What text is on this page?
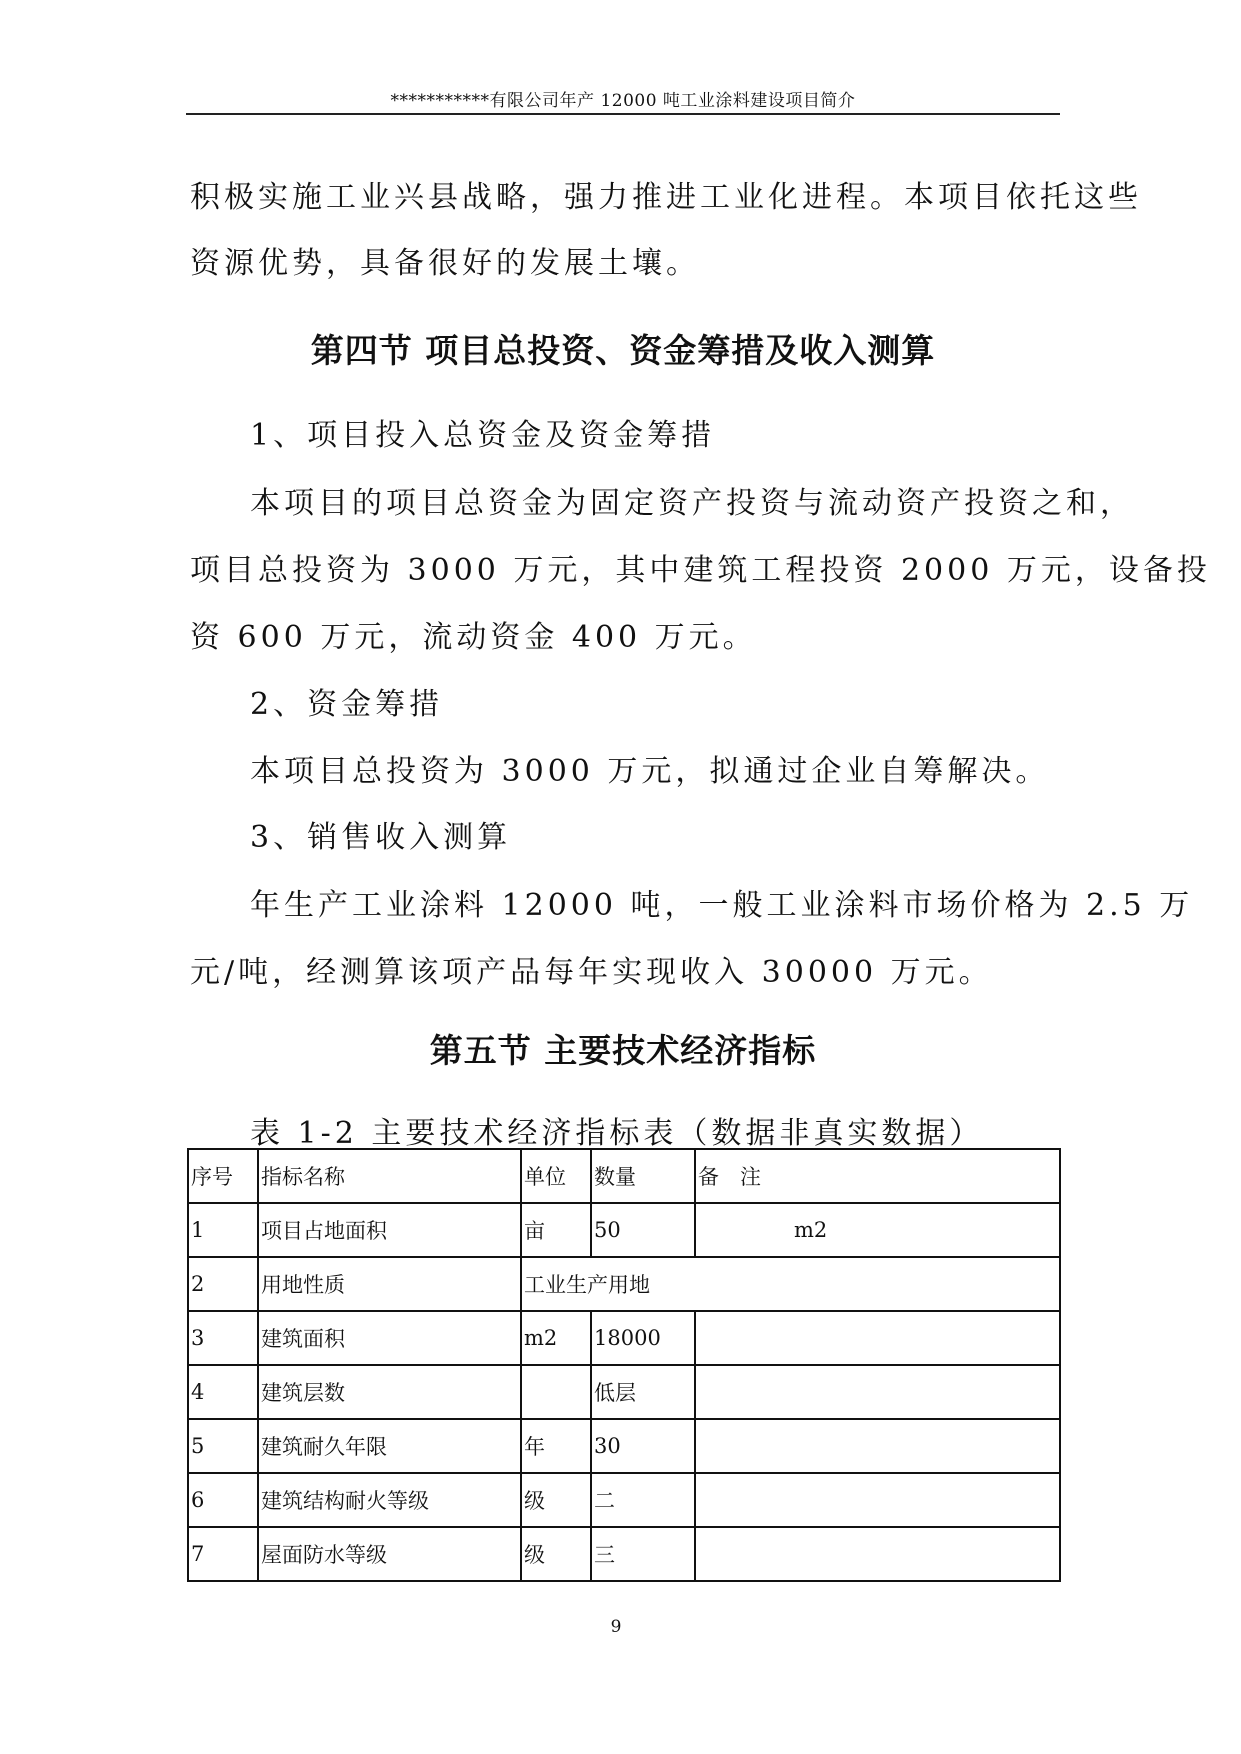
***********有限公司年产 12000 吨工业涂料建设项目简介
积极实施工业兴县战略，强力推进工业化进程。本项目依托这些
资源优势，具备很好的发展土壤。
第四节 项目总投资、资金筹措及收入测算
1、项目投入总资金及资金筹措
本项目的项目总资金为固定资产投资与流动资产投资之和，
项目总投资为 3000 万元，其中建筑工程投资 2000 万元，设备投
资 600 万元，流动资金 400 万元。
2、资金筹措
本项目总投资为 3000 万元，拟通过企业自筹解决。
3、销售收入测算
年生产工业涂料 12000 吨，一般工业涂料市场价格为 2.5 万
元/吨，经测算该项产品每年实现收入 30000 万元。
第五节 主要技术经济指标
表 1-2 主要技术经济指标表（数据非真实数据）
序号	指标名称	单位	数量	备　注
1	项目占地面积	亩	50	m2
2	用地性质	工业生产用地		
3	建筑面积	m2	18000	
4	建筑层数		低层	
5	建筑耐久年限	年	30	
6	建筑结构耐火等级	级	二	
7	屋面防水等级	级	三	
9
